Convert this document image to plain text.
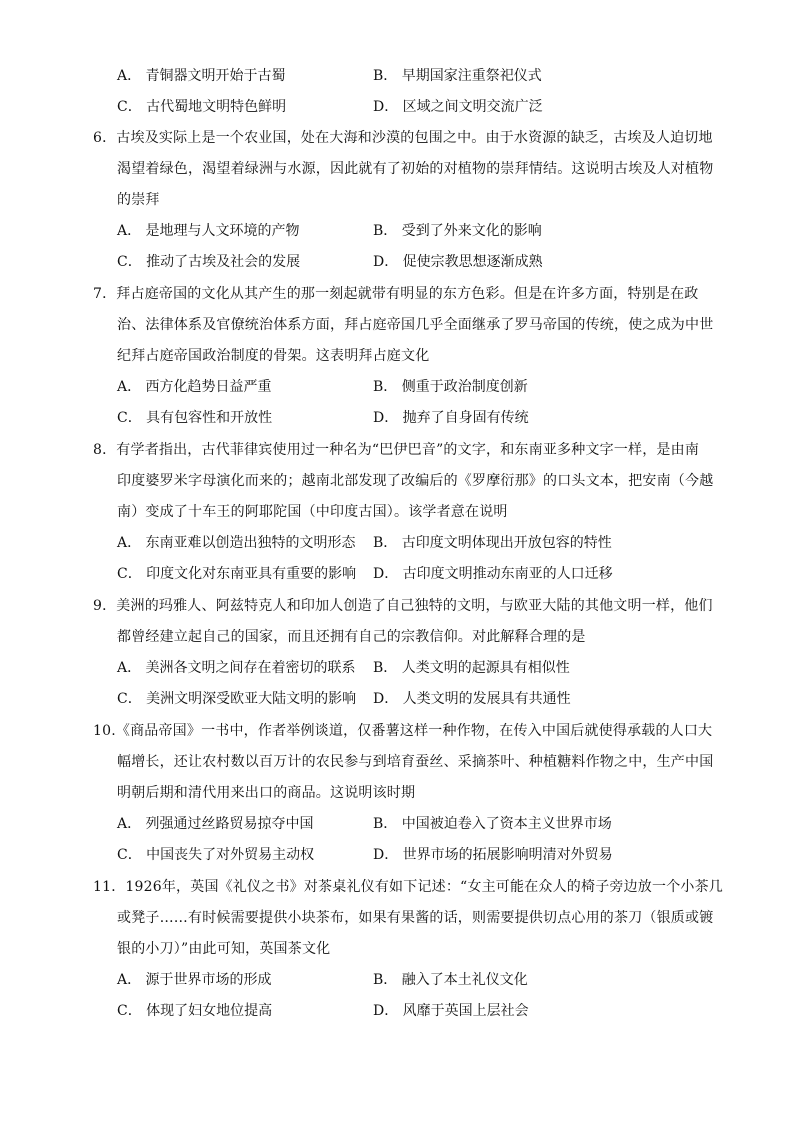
A． 青铜器文明开始于古蜀	B． 早期国家注重祭祀仪式
C． 古代蜀地文明特色鲜明	D． 区域之间文明交流广泛
6．古埃及实际上是一个农业国，处在大海和沙漠的包围之中。由于水资源的缺乏，古埃及人迫切地
渴望着绿色，渴望着绿洲与水源，因此就有了初始的对植物的崇拜情结。这说明古埃及人对植物
的崇拜
A． 是地理与人文环境的产物	B． 受到了外来文化的影响
C． 推动了古埃及社会的发展	D． 促使宗教思想逐渐成熟
7．拜占庭帝国的文化从其产生的那一刻起就带有明显的东方色彩。但是在许多方面，特别是在政
治、法律体系及官僚统治体系方面，拜占庭帝国几乎全面继承了罗马帝国的传统，使之成为中世
纪拜占庭帝国政治制度的骨架。这表明拜占庭文化
A． 西方化趋势日益严重	B． 侧重于政治制度创新
C． 具有包容性和开放性	D． 抛弃了自身固有传统
8．有学者指出，古代菲律宾使用过一种名为“巴伊巴音”的文字，和东南亚多种文字一样，是由南
印度婆罗米字母演化而来的；越南北部发现了改编后的《罗摩衍那》的口头文本，把安南（今越
南）变成了十车王的阿耶陀国（中印度古国）。该学者意在说明
A． 东南亚难以创造出独特的文明形态 B． 古印度文明体现出开放包容的特性
C． 印度文化对东南亚具有重要的影响 D． 古印度文明推动东南亚的人口迁移
9．美洲的玛雅人、阿兹特克人和印加人创造了自己独特的文明，与欧亚大陆的其他文明一样，他们
都曾经建立起自己的国家，而且还拥有自己的宗教信仰。对此解释合理的是
A． 美洲各文明之间存在着密切的联系 B． 人类文明的起源具有相似性
C． 美洲文明深受欧亚大陆文明的影响 D． 人类文明的发展具有共通性
10.《商品帝国》一书中，作者举例谈道，仅番薯这样一种作物，在传入中国后就使得承载的人口大
幅增长，还让农村数以百万计的农民参与到培育蚕丝、采摘茶叶、种植糖料作物之中，生产中国
明朝后期和清代用来出口的商品。这说明该时期
A． 列强通过丝路贸易掠夺中国	B． 中国被迫卷入了资本主义世界市场
C． 中国丧失了对外贸易主动权	D． 世界市场的拓展影响明清对外贸易
11．1926年，英国《礼仪之书》对茶桌礼仪有如下记述：“女主可能在众人的椅子旁边放一个小茶几
或凳子……有时候需要提供小块茶布，如果有果酱的话，则需要提供切点心用的茶刀（银质或镀
银的小刀）”由此可知，英国茶文化
A． 源于世界市场的形成	B． 融入了本土礼仪文化
C． 体现了妇女地位提高	D． 风靡于英国上层社会
